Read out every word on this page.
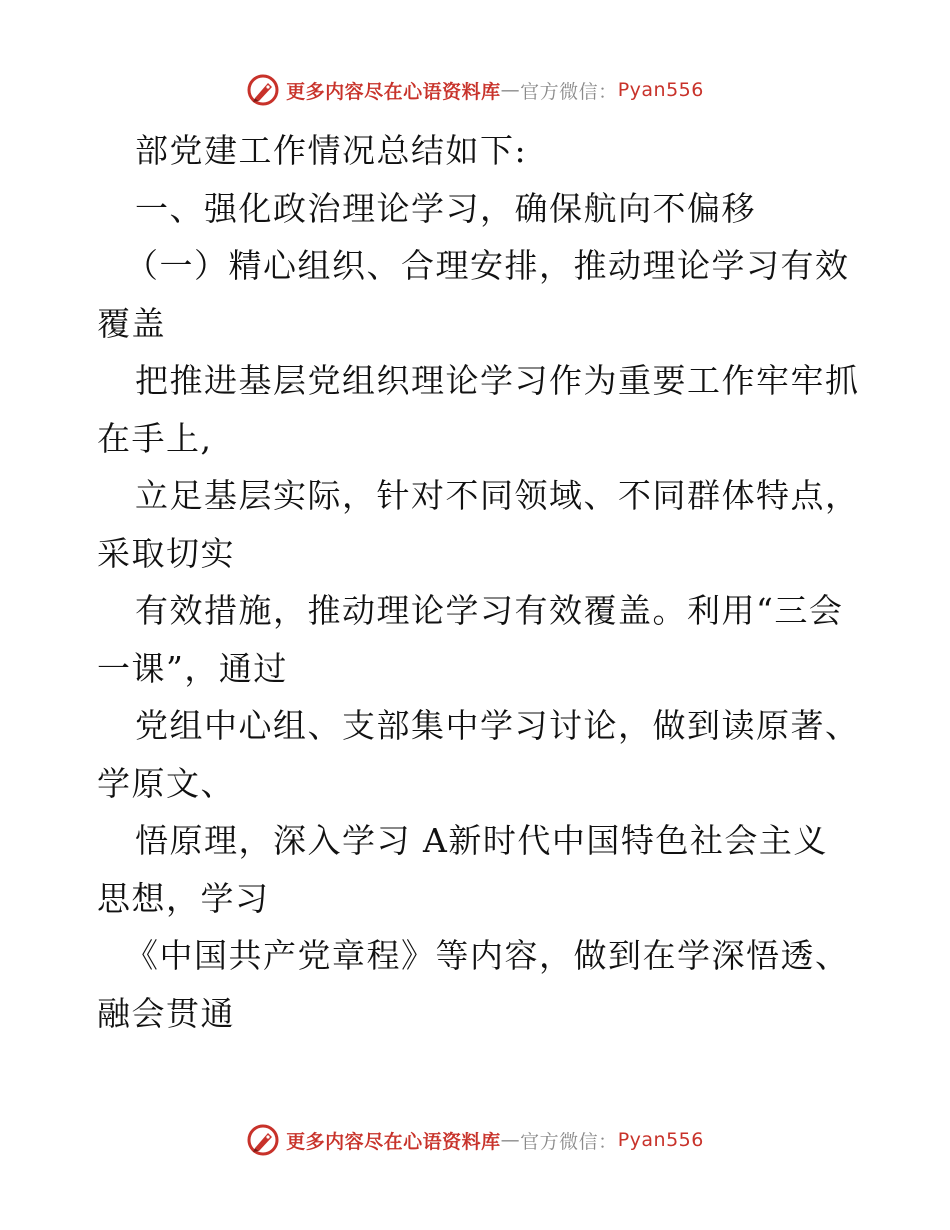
更多内容尽在心语资料库 — 官方微信： Pyan556
部党建工作情况总结如下:
一、强化政治理论学习，确保航向不偏移
（一）精心组织、合理安排，推动理论学习有效
覆盖
把推进基层党组织理论学习作为重要工作牢牢抓
在手上,
立足基层实际，针对不同领域、不同群体特点，
采取切实
有效措施，推动理论学习有效覆盖。利用“三会
一课”，通过
党组中心组、支部集中学习讨论，做到读原著、
学原文、
悟原理，深入学习 A新时代中国特色社会主义
思想，学习
《中国共产党章程》等内容，做到在学深悟透、
融会贯通
更多内容尽在心语资料库 — 官方微信： Pyan556
